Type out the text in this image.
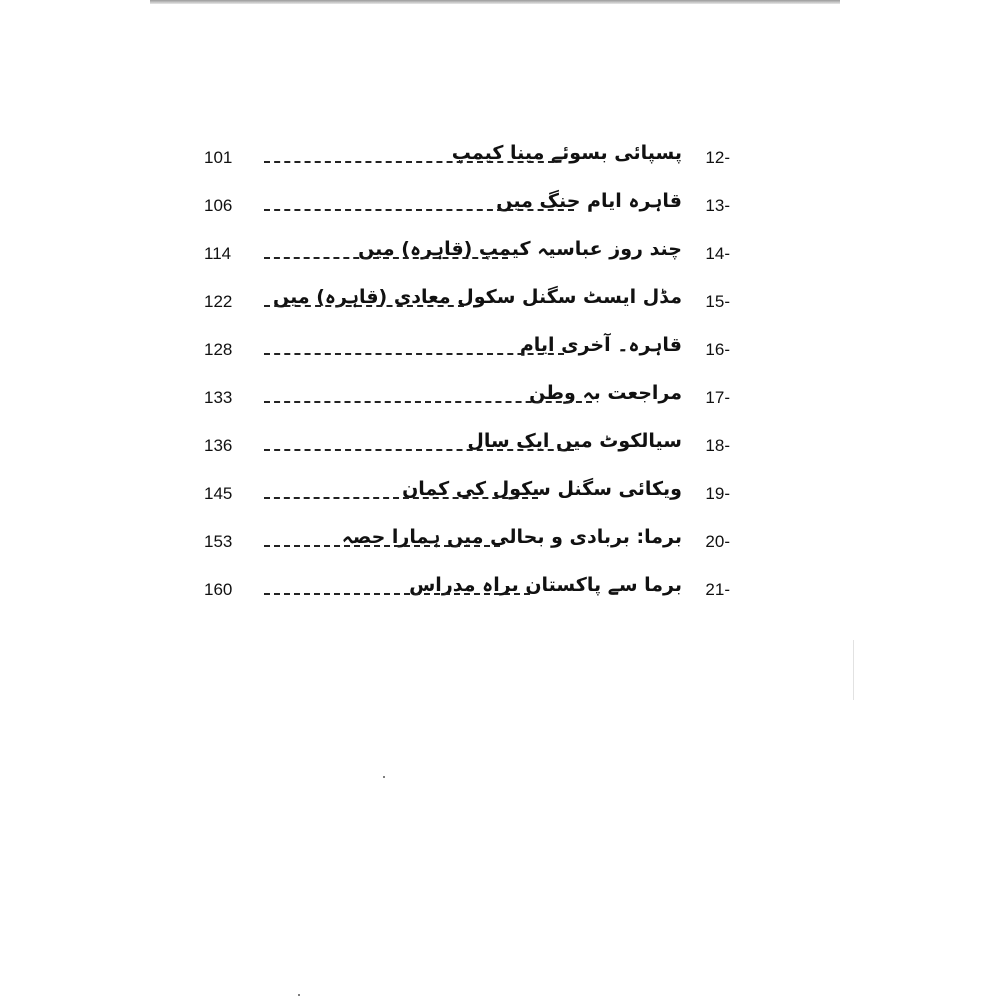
12-
پسپائی بسوئے مینا کیمپ
101
13-
قاہرہ ایام جنگ میں
106
14-
چند روز عباسیہ کیمپ (قاہرہ) میں
114
15-
مڈل ایسٹ سگنل سکول معادی (قاہرہ) میں
122
16-
قاہرہ۔ آخری ایام
128
17-
مراجعت بہ وطن
133
18-
سیالکوٹ میں ایک سال
136
19-
ویکائی سگنل سکول کی کمان
145
20-
برما: بربادی و بحالی میں ہمارا حصہ
153
21-
برما سے پاکستان براہ مدراس
160
